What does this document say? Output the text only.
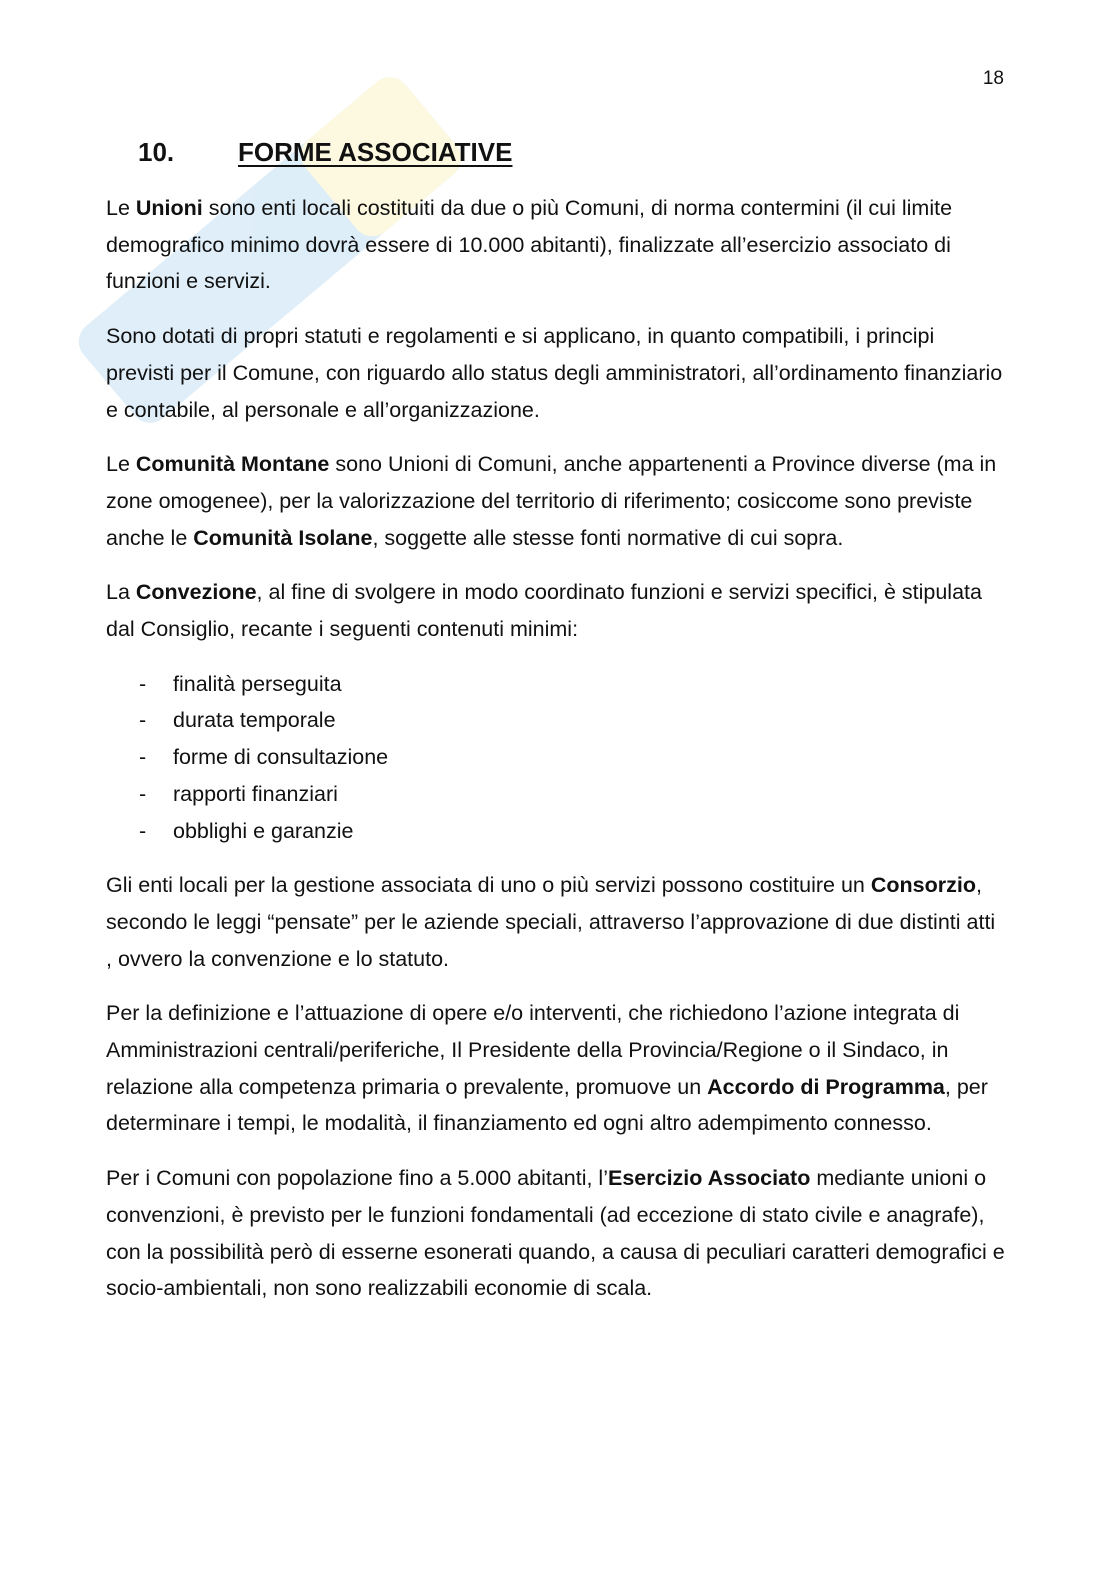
18
10.	FORME ASSOCIATIVE

Le Unioni sono enti locali costituiti da due o più Comuni, di norma contermini (il cui limite demografico minimo dovrà essere di 10.000 abitanti), finalizzate all’esercizio associato di funzioni e servizi.

Sono dotati di propri statuti e regolamenti e si applicano, in quanto compatibili, i principi previsti per il Comune, con riguardo allo status degli amministratori, all’ordinamento finanziario e contabile, al personale e all’organizzazione.

Le Comunità Montane sono Unioni di Comuni, anche appartenenti a Province diverse (ma in zone omogenee), per la valorizzazione del territorio di riferimento; cosiccome sono previste anche le Comunità Isolane, soggette alle stesse fonti normative di cui sopra.

La Convezione, al fine di svolgere in modo coordinato funzioni e servizi specifici, è stipulata dal Consiglio, recante i seguenti contenuti minimi:

- finalità perseguita
- durata temporale
- forme di consultazione
- rapporti finanziari
- obblighi e garanzie

Gli enti locali per la gestione associata di uno o più servizi possono costituire un Consorzio, secondo le leggi “pensate” per le aziende speciali, attraverso l’approvazione di due distinti atti , ovvero la convenzione e lo statuto.

Per la definizione e l’attuazione di opere e/o interventi, che richiedono l’azione integrata di Amministrazioni centrali/periferiche, Il Presidente della Provincia/Regione o il Sindaco, in relazione alla competenza primaria o prevalente, promuove un Accordo di Programma, per determinare i tempi, le modalità, il finanziamento ed ogni altro adempimento connesso.

Per i Comuni con popolazione fino a 5.000 abitanti, l’Esercizio Associato mediante unioni o convenzioni, è previsto per le funzioni fondamentali (ad eccezione di stato civile e anagrafe), con la possibilità però di esserne esonerati quando, a causa di peculiari caratteri demografici e socio-ambientali, non sono realizzabili economie di scala.
